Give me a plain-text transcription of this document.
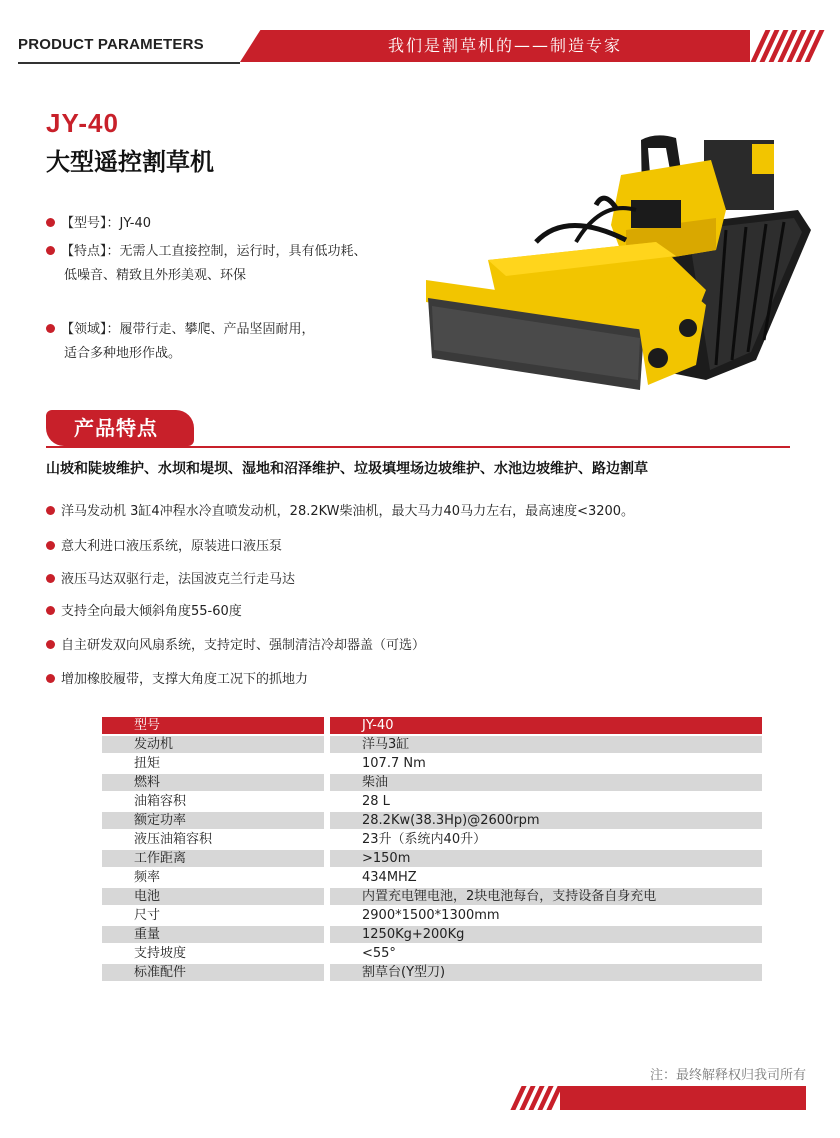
PRODUCT PARAMETERS	我们是割草机的——制造专家
JY-40
大型遥控割草机
【型号】：JY-40
【特点】：无需人工直接控制，运行时，具有低功耗、
低噪音、精致且外形美观、环保
【领域】：履带行走、攀爬、产品坚固耐用，
适合多种地形作战。
产品特点
山坡和陡坡维护、水坝和堤坝、湿地和沼泽维护、垃圾填埋场边坡维护、水池边坡维护、路边割草
洋马发动机 3缸4冲程水冷直喷发动机，28.2KW柴油机，最大马力40马力左右，最高速度<3200。
意大利进口液压系统，原装进口液压泵
液压马达双驱行走，法国波克兰行走马达
支持全向最大倾斜角度55-60度
自主研发双向风扇系统，支持定时、强制清洁冷却器盖（可选）
增加橡胶履带，支撑大角度工况下的抓地力
型号	JY-40
发动机	洋马3缸
扭矩	107.7 Nm
燃料	柴油
油箱容积	28 L
额定功率	28.2Kw(38.3Hp)@2600rpm
液压油箱容积	23升（系统内40升）
工作距离	>150m
频率	434MHZ
电池	内置充电锂电池，2块电池每台，支持设备自身充电
尺寸	2900*1500*1300mm
重量	1250Kg+200Kg
支持坡度	<55°
标准配件	割草台(Y型刀)
注：最终解释权归我司所有
